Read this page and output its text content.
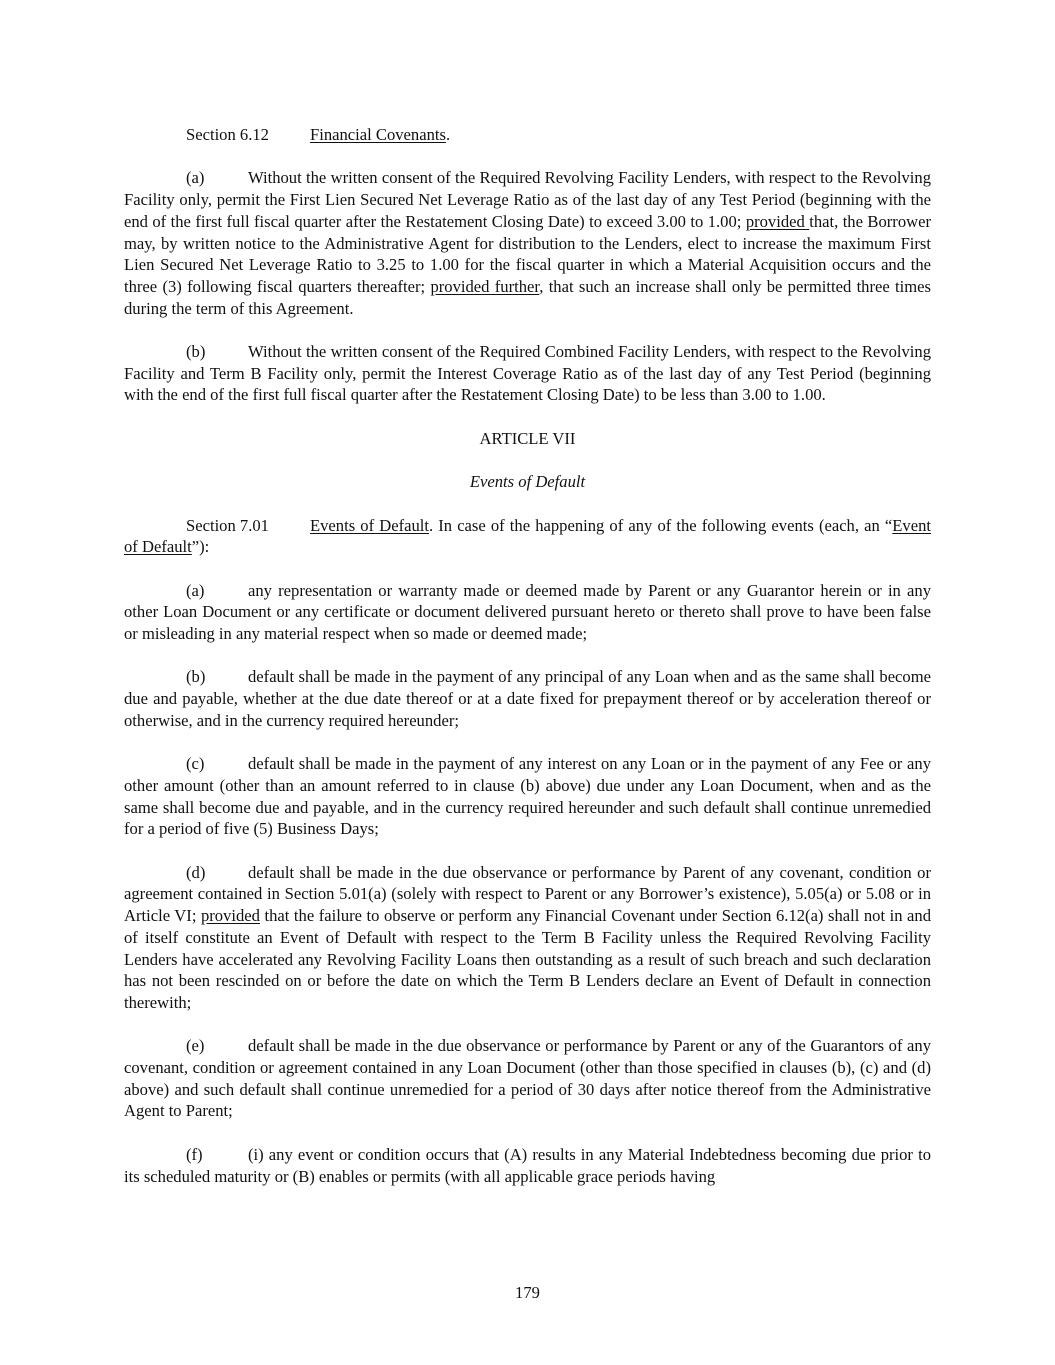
Section 6.12 Financial Covenants.

(a)	Without the written consent of the Required Revolving Facility Lenders, with respect to the Revolving Facility only, permit the First Lien Secured Net Leverage Ratio as of the last day of any Test Period (beginning with the end of the first full fiscal quarter after the Restatement Closing Date) to exceed 3.00 to 1.00; provided that, the Borrower may, by written notice to the Administrative Agent for distribution to the Lenders, elect to increase the maximum First Lien Secured Net Leverage Ratio to 3.25 to 1.00 for the fiscal quarter in which a Material Acquisition occurs and the three (3) following fiscal quarters thereafter; provided further, that such an increase shall only be permitted three times during the term of this Agreement.

(b)	Without the written consent of the Required Combined Facility Lenders, with respect to the Revolving Facility and Term B Facility only, permit the Interest Coverage Ratio as of the last day of any Test Period (beginning with the end of the first full fiscal quarter after the Restatement Closing Date) to be less than 3.00 to 1.00.

ARTICLE VII

Events of Default

Section 7.01 Events of Default. In case of the happening of any of the following events (each, an “Event of Default”):

(a)	any representation or warranty made or deemed made by Parent or any Guarantor herein or in any other Loan Document or any certificate or document delivered pursuant hereto or thereto shall prove to have been false or misleading in any material respect when so made or deemed made;

(b)	default shall be made in the payment of any principal of any Loan when and as the same shall become due and payable, whether at the due date thereof or at a date fixed for prepayment thereof or by acceleration thereof or otherwise, and in the currency required hereunder;

(c)	default shall be made in the payment of any interest on any Loan or in the payment of any Fee or any other amount (other than an amount referred to in clause (b) above) due under any Loan Document, when and as the same shall become due and payable, and in the currency required hereunder and such default shall continue unremedied for a period of five (5) Business Days;

(d)	default shall be made in the due observance or performance by Parent of any covenant, condition or agreement contained in Section 5.01(a) (solely with respect to Parent or any Borrower’s existence), 5.05(a) or 5.08 or in Article VI; provided that the failure to observe or perform any Financial Covenant under Section 6.12(a) shall not in and of itself constitute an Event of Default with respect to the Term B Facility unless the Required Revolving Facility Lenders have accelerated any Revolving Facility Loans then outstanding as a result of such breach and such declaration has not been rescinded on or before the date on which the Term B Lenders declare an Event of Default in connection therewith;

(e)	default shall be made in the due observance or performance by Parent or any of the Guarantors of any covenant, condition or agreement contained in any Loan Document (other than those specified in clauses (b), (c) and (d) above) and such default shall continue unremedied for a period of 30 days after notice thereof from the Administrative Agent to Parent;

(f)	(i) any event or condition occurs that (A) results in any Material Indebtedness becoming due prior to its scheduled maturity or (B) enables or permits (with all applicable grace periods having

179
